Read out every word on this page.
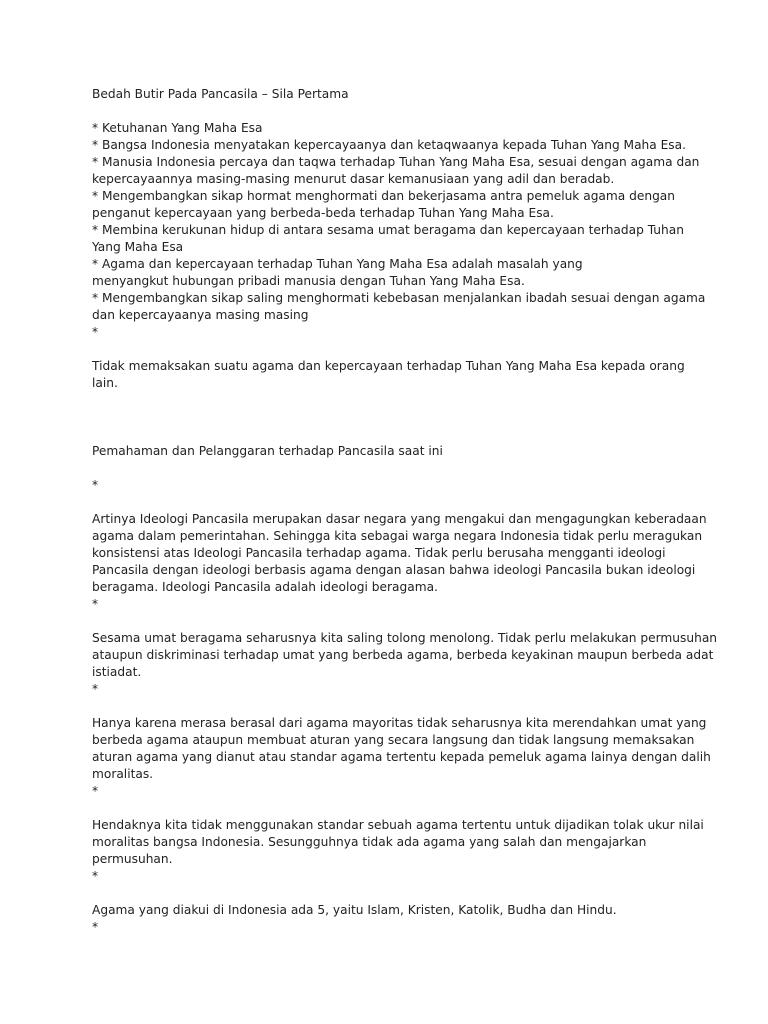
Bedah Butir Pada Pancasila – Sila Pertama
* Ketuhanan Yang Maha Esa
* Bangsa Indonesia menyatakan kepercayaanya dan ketaqwaanya kepada Tuhan Yang Maha Esa.
* Manusia Indonesia percaya dan taqwa terhadap Tuhan Yang Maha Esa, sesuai dengan agama dan
kepercayaannya masing-masing menurut dasar kemanusiaan yang adil dan beradab.
* Mengembangkan sikap hormat menghormati dan bekerjasama antra pemeluk agama dengan
penganut kepercayaan yang berbeda-beda terhadap Tuhan Yang Maha Esa.
* Membina kerukunan hidup di antara sesama umat beragama dan kepercayaan terhadap Tuhan
Yang Maha Esa
* Agama dan kepercayaan terhadap Tuhan Yang Maha Esa adalah masalah yang
menyangkut hubungan pribadi manusia dengan Tuhan Yang Maha Esa.
* Mengembangkan sikap saling menghormati kebebasan menjalankan ibadah sesuai dengan agama
dan kepercayaanya masing masing
*
Tidak memaksakan suatu agama dan kepercayaan terhadap Tuhan Yang Maha Esa kepada orang
lain.
Pemahaman dan Pelanggaran terhadap Pancasila saat ini
*
Artinya Ideologi Pancasila merupakan dasar negara yang mengakui dan mengagungkan keberadaan
agama dalam pemerintahan. Sehingga kita sebagai warga negara Indonesia tidak perlu meragukan
konsistensi atas Ideologi Pancasila terhadap agama. Tidak perlu berusaha mengganti ideologi
Pancasila dengan ideologi berbasis agama dengan alasan bahwa ideologi Pancasila bukan ideologi
beragama. Ideologi Pancasila adalah ideologi beragama.
*
Sesama umat beragama seharusnya kita saling tolong menolong. Tidak perlu melakukan permusuhan
ataupun diskriminasi terhadap umat yang berbeda agama, berbeda keyakinan maupun berbeda adat
istiadat.
*
Hanya karena merasa berasal dari agama mayoritas tidak seharusnya kita merendahkan umat yang
berbeda agama ataupun membuat aturan yang secara langsung dan tidak langsung memaksakan
aturan agama yang dianut atau standar agama tertentu kepada pemeluk agama lainya dengan dalih
moralitas.
*
Hendaknya kita tidak menggunakan standar sebuah agama tertentu untuk dijadikan tolak ukur nilai
moralitas bangsa Indonesia. Sesungguhnya tidak ada agama yang salah dan mengajarkan
permusuhan.
*
Agama yang diakui di Indonesia ada 5, yaitu Islam, Kristen, Katolik, Budha dan Hindu.
*
